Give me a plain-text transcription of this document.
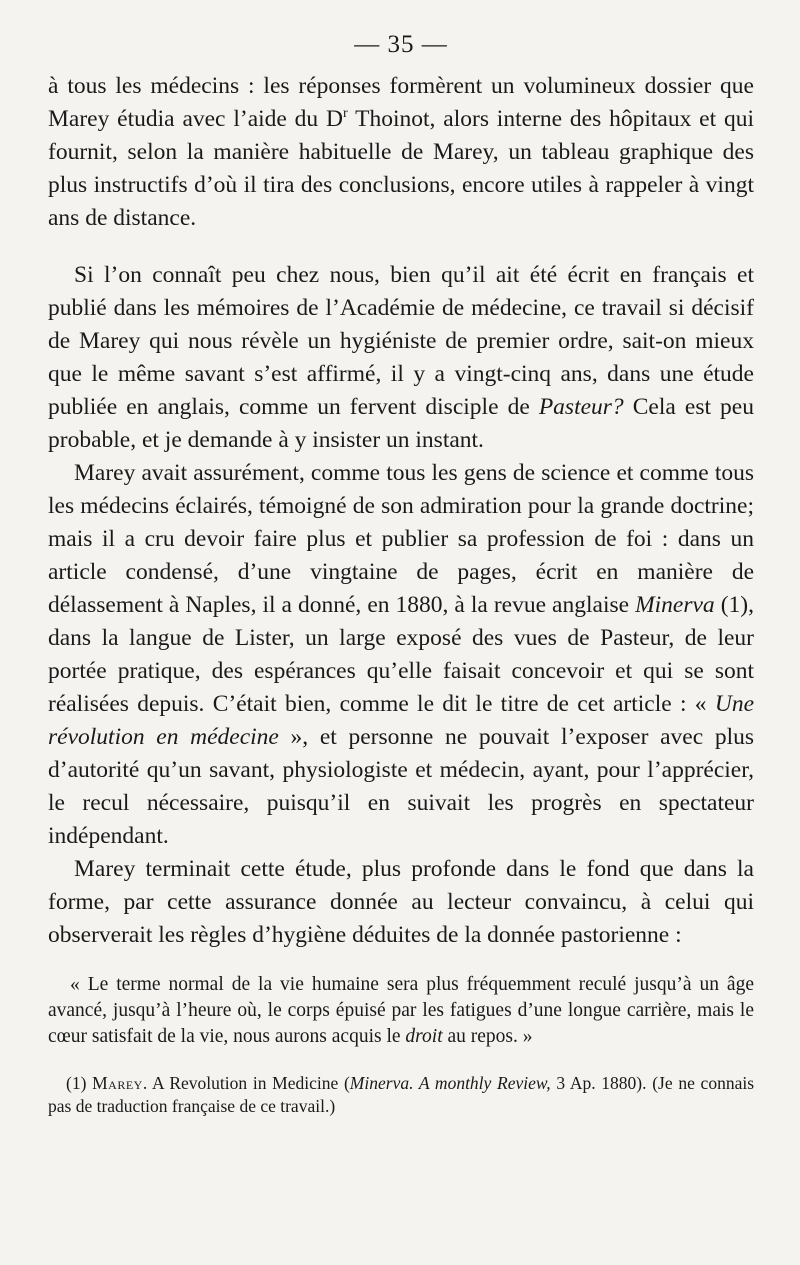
— 35 —

à tous les médecins : les réponses formèrent un volumineux dossier que Marey étudia avec l’aide du $D^r$ Thoinot, alors interne des hôpitaux et qui fournit, selon la manière habituelle de Marey, un tableau graphique des plus instructifs d’où il tira des conclusions, encore utiles à rappeler à vingt ans de distance.

Si l’on connaît peu chez nous, bien qu’il ait été écrit en français et publié dans les mémoires de l’Académie de médecine, ce travail si décisif de Marey qui nous révèle un hygiéniste de premier ordre, sait-on mieux que le même savant s’est affirmé, il y a vingt-cinq ans, dans une étude publiée en anglais, comme un fervent disciple de Pasteur? Cela est peu probable, et je demande à y insister un instant.

Marey avait assurément, comme tous les gens de science et comme tous les médecins éclairés, témoigné de son admiration pour la grande doctrine; mais il a cru devoir faire plus et publier sa profession de foi : dans un article condensé, d’une vingtaine de pages, écrit en manière de délassement à Naples, il a donné, en 1880, à la revue anglaise Minerva (1), dans la langue de Lister, un large exposé des vues de Pasteur, de leur portée pratique, des espérances qu’elle faisait concevoir et qui se sont réalisées depuis. C’était bien, comme le dit le titre de cet article : « Une révolution en médecine », et personne ne pouvait l’exposer avec plus d’autorité qu’un savant, physiologiste et médecin, ayant, pour l’apprécier, le recul nécessaire, puisqu’il en suivait les progrès en spectateur indépendant.

Marey terminait cette étude, plus profonde dans le fond que dans la forme, par cette assurance donnée au lecteur convaincu, à celui qui observerait les règles d’hygiène déduites de la donnée pastorienne :

« Le terme normal de la vie humaine sera plus fréquemment reculé jusqu’à un âge avancé, jusqu’à l’heure où, le corps épuisé par les fatigues d’une longue carrière, mais le cœur satisfait de la vie, nous aurons acquis le droit au repos. »

(1) Marey. A Revolution in Medicine (Minerva. A monthly Review, 3 Ap. 1880). (Je ne connais pas de traduction française de ce travail.)
